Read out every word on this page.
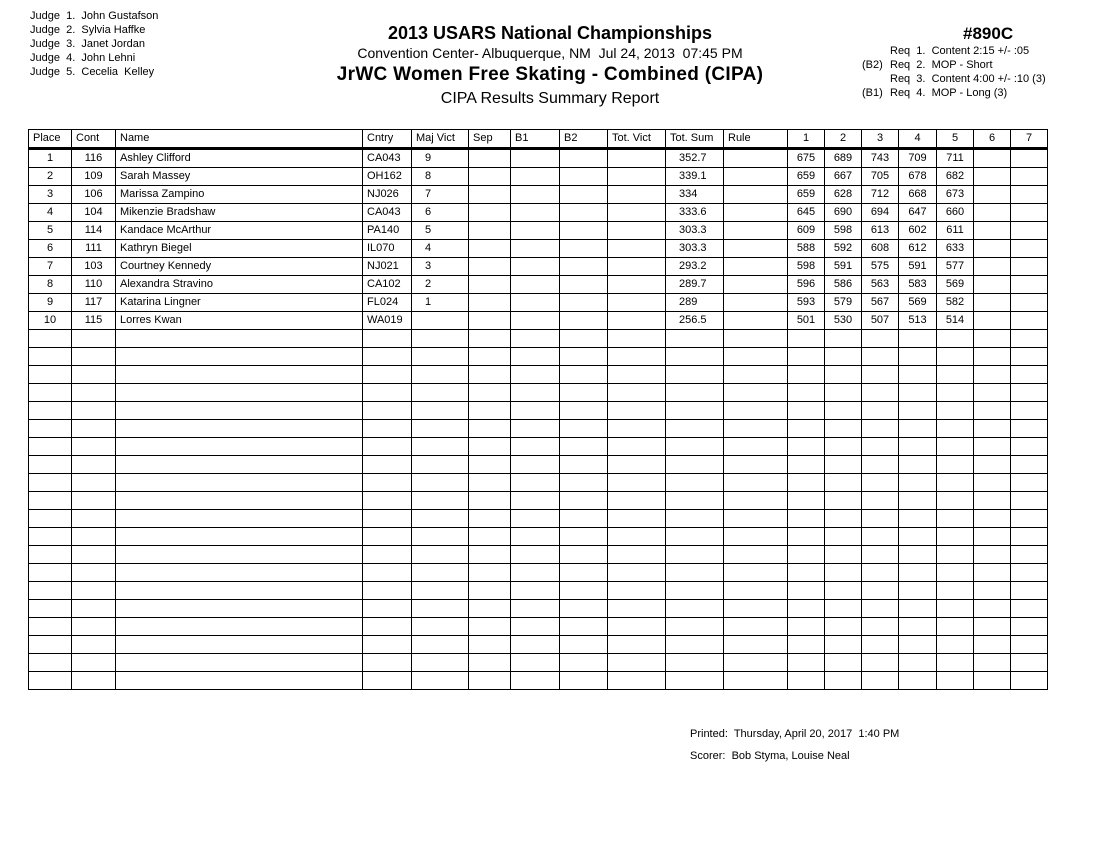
Judge  1.  John Gustafson
Judge  2.  Sylvia Haffke
Judge  3.  Janet Jordan
Judge  4.  John Lehni
Judge  5.  Cecelia  Kelley
2013 USARS National Championships
Convention Center- Albuquerque, NM  Jul 24, 2013  07:45 PM
JrWC Women Free Skating - Combined (CIPA)
CIPA Results Summary Report
#890C
Req  1.  Content 2:15 +/- :05
(B2) Req  2.  MOP - Short
Req  3.  Content 4:00 +/- :10 (3)
(B1) Req  4.  MOP - Long (3)
Place	Cont	Name	Cntry	Maj Vict	Sep	B1	B2	Tot. Vict	Tot. Sum	Rule	1	2	3	4	5	6	7
1	116	Ashley Clifford	CA043	9					352.7		675	689	743	709	711		
2	109	Sarah Massey	OH162	8					339.1		659	667	705	678	682		
3	106	Marissa Zampino	NJ026	7					334		659	628	712	668	673		
4	104	Mikenzie Bradshaw	CA043	6					333.6		645	690	694	647	660		
5	114	Kandace McArthur	PA140	5					303.3		609	598	613	602	611		
6	111	Kathryn Biegel	IL070	4					303.3		588	592	608	612	633		
7	103	Courtney Kennedy	NJ021	3					293.2		598	591	575	591	577		
8	110	Alexandra Stravino	CA102	2					289.7		596	586	563	583	569		
9	117	Katarina Lingner	FL024	1					289		593	579	567	569	582		
10	115	Lorres Kwan	WA019						256.5		501	530	507	513	514		

Printed:  Thursday, April 20, 2017  1:40 PM
Scorer:  Bob Styma, Louise Neal
